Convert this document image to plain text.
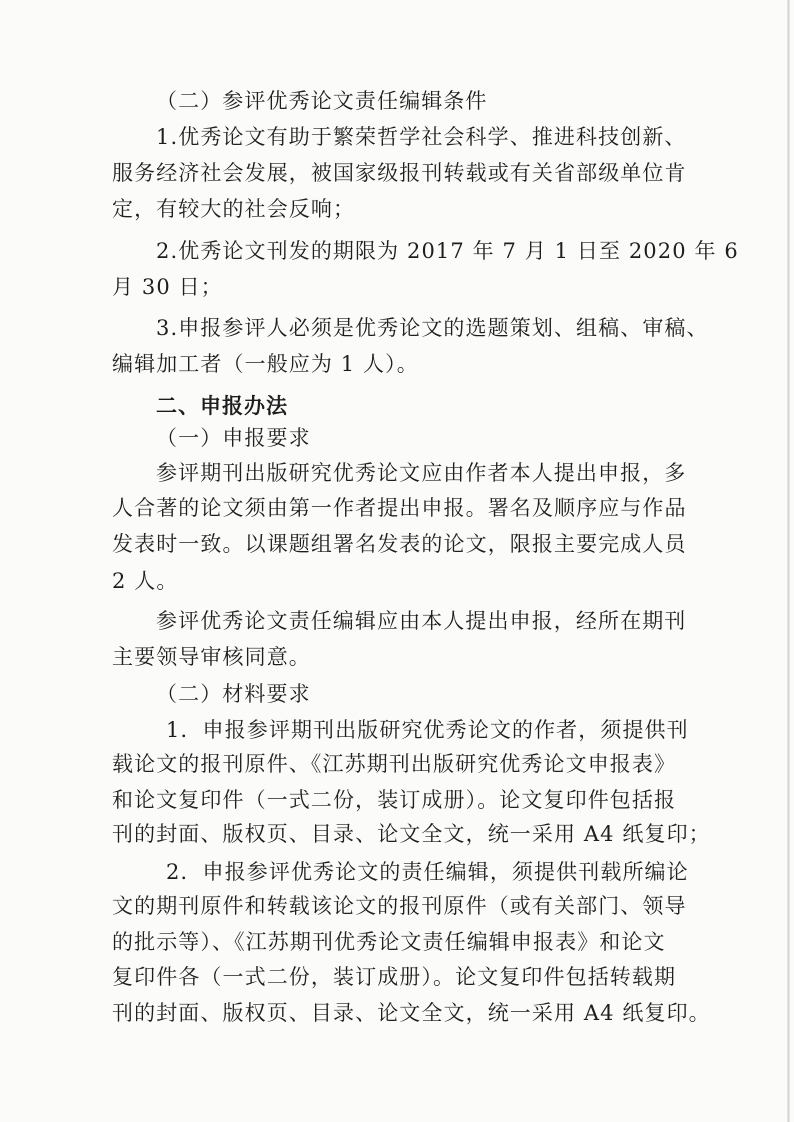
（二）参评优秀论文责任编辑条件
1.优秀论文有助于繁荣哲学社会科学、推进科技创新、
服务经济社会发展，被国家级报刊转载或有关省部级单位肯
定，有较大的社会反响；
2.优秀论文刊发的期限为 2017 年 7 月 1 日至 2020 年 6
月 30 日；
3.申报参评人必须是优秀论文的选题策划、组稿、审稿、
编辑加工者（一般应为 1 人）。
二、申报办法
（一）申报要求
参评期刊出版研究优秀论文应由作者本人提出申报，多
人合著的论文须由第一作者提出申报。署名及顺序应与作品
发表时一致。以课题组署名发表的论文，限报主要完成人员
2 人。
参评优秀论文责任编辑应由本人提出申报，经所在期刊
主要领导审核同意。
（二）材料要求
1．申报参评期刊出版研究优秀论文的作者，须提供刊
载论文的报刊原件、《江苏期刊出版研究优秀论文申报表》
和论文复印件（一式二份，装订成册）。论文复印件包括报
刊的封面、版权页、目录、论文全文，统一采用 A4 纸复印；
2．申报参评优秀论文的责任编辑，须提供刊载所编论
文的期刊原件和转载该论文的报刊原件（或有关部门、领导
的批示等）、《江苏期刊优秀论文责任编辑申报表》和论文
复印件各（一式二份，装订成册）。论文复印件包括转载期
刊的封面、版权页、目录、论文全文，统一采用 A4 纸复印。
